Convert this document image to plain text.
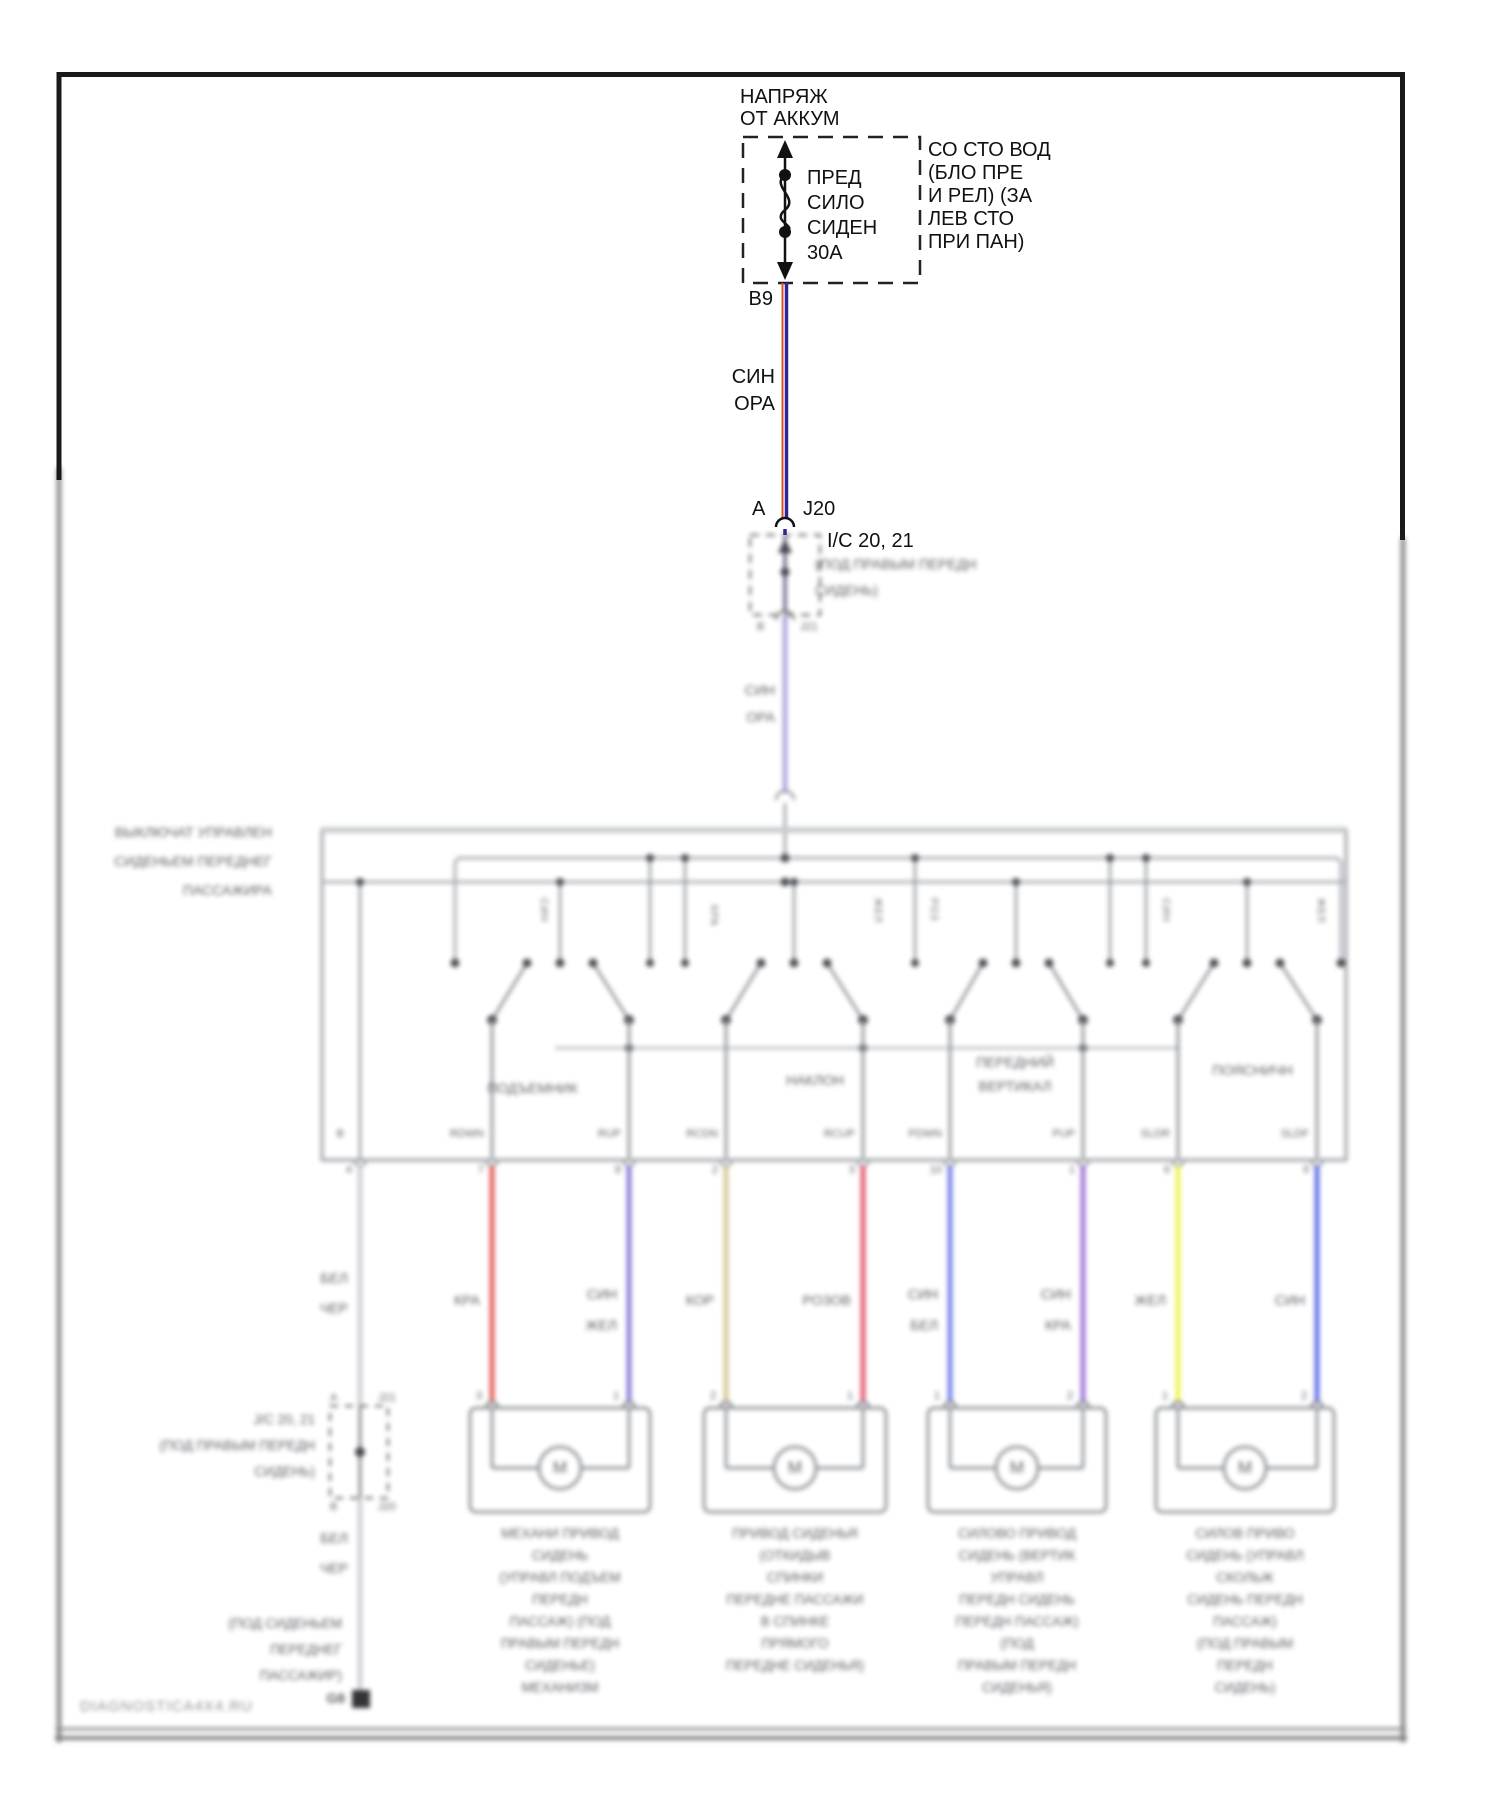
(ПОД ПРАВЫМ ПЕРЕДН
СИДЕНЬ)
B	J21
СИН
ОРА
ВЫКЛЮЧАТ УПРАВЛЕН
СИДЕНЬЕМ ПЕРЕДНЕГ
ПАССАЖИРА
СИН	КРА	ЖЕЛ	РОЗ	СИН	ЖЕЛ
ПОДЪЕМНИК	НАКЛОН
ПЕРЕДНИЙ
ВЕРТИКАЛ
ПОЯСНИЧН
B	RDWN	RUP	RCDN	RCUP	PDWN	PUP	SLDR	SLDF
4	7	8	2	3	10	1	6	9
БЕЛ
ЧЕР	КРА	СИН
ЖЕЛ
КОР	РОЗОВ	СИН
БЕЛ
СИН
КРА
ЖЕЛ	СИН
J/C 20, 21
(ПОД ПРАВЫМ ПЕРЕДН
СИДЕНЬ)
A	J21
B	J20
БЕЛ
ЧЕР
(ПОД СИДЕНЬЕМ
ПЕРЕДНЕГ
ПАССАЖИР)
G8
DIAGNOSTICA4X4.RU
3	1	2	1	1	2	1	2
M	M	M	M
МЕХАНИ ПРИВОД
СИДЕНЬ
(УПРАВЛ ПОДЪЕМ
ПЕРЕДН
ПАССАЖ) (ПОД
ПРАВЫМ ПЕРЕДН
СИДЕНЬЕ)
МЕХАНИЗМ
ПРИВОД СИДЕНЬЯ
(ОТКИДЫВ
СПИНКИ
ПЕРЕДНЕ ПАССАЖИ
В СПИНКЕ
ПРЯМОГО
ПЕРЕДНЕ СИДЕНЬЯ)
СИЛОВО ПРИВОД
СИДЕНЬ (ВЕРТИК
УПРАВЛ
ПЕРЕДН СИДЕНЬ
ПЕРЕДН ПАССАЖ)
(ПОД
ПРАВЫМ ПЕРЕДН
СИДЕНЬЯ)
СИЛОВ ПРИВО
СИДЕНЬ (УПРАВЛ
СКОЛЬЖ
СИДЕНЬ ПЕРЕДН
ПАССАЖ)
(ПОД ПРАВЫМ
ПЕРЕДН
СИДЕНЬ)
НАПРЯЖ
ОТ АККУМ
ПРЕД
СИЛО
СИДЕН
30А
СО СТО ВОД
(БЛО ПРЕ
И РЕЛ) (ЗА
ЛЕВ СТО
ПРИ ПАН)
B9
СИН
ОРА
A J20
I/C 20, 21
